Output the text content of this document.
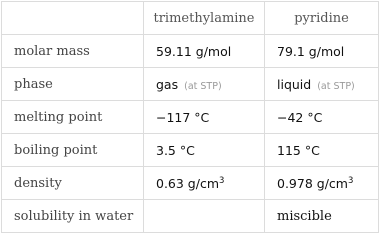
	trimethylamine	pyridine
molar mass	59.11 g/mol	79.1 g/mol
phase	gas (at STP)	liquid (at STP)
melting point	−117 °C	−42 °C
boiling point	3.5 °C	115 °C
density	0.63 $g/cm^3$	0.978 $g/cm^3$
solubility in water		miscible
